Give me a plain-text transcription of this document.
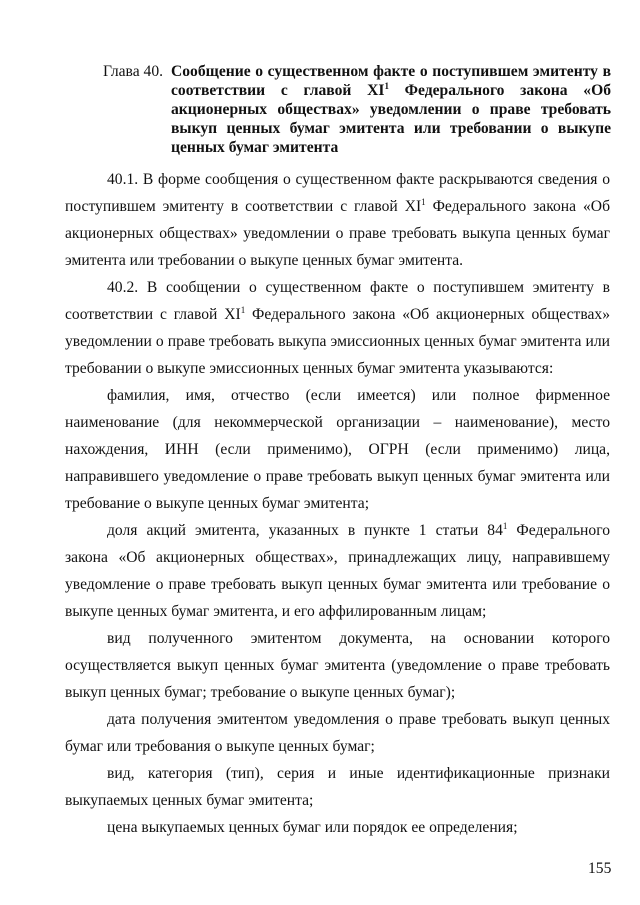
Глава 40. Сообщение о существенном факте о поступившем эмитенту в соответствии с главой $XI^1$ Федерального закона «Об акционерных обществах» уведомлении о праве требовать выкуп ценных бумаг эмитента или требовании о выкупе ценных бумаг эмитента

40.1. В форме сообщения о существенном факте раскрываются сведения о поступившем эмитенту в соответствии с главой $XI^1$ Федерального закона «Об акционерных обществах» уведомлении о праве требовать выкупа ценных бумаг эмитента или требовании о выкупе ценных бумаг эмитента.

40.2. В сообщении о существенном факте о поступившем эмитенту в соответствии с главой $XI^1$ Федерального закона «Об акционерных обществах» уведомлении о праве требовать выкупа эмиссионных ценных бумаг эмитента или требовании о выкупе эмиссионных ценных бумаг эмитента указываются:

фамилия, имя, отчество (если имеется) или полное фирменное наименование (для некоммерческой организации – наименование), место нахождения, ИНН (если применимо), ОГРН (если применимо) лица, направившего уведомление о праве требовать выкуп ценных бумаг эмитента или требование о выкупе ценных бумаг эмитента;

доля акций эмитента, указанных в пункте 1 статьи $84^1$ Федерального закона «Об акционерных обществах», принадлежащих лицу, направившему уведомление о праве требовать выкуп ценных бумаг эмитента или требование о выкупе ценных бумаг эмитента, и его аффилированным лицам;

вид полученного эмитентом документа, на основании которого осуществляется выкуп ценных бумаг эмитента (уведомление о праве требовать выкуп ценных бумаг; требование о выкупе ценных бумаг);

дата получения эмитентом уведомления о праве требовать выкуп ценных бумаг или требования о выкупе ценных бумаг;

вид, категория (тип), серия и иные идентификационные признаки выкупаемых ценных бумаг эмитента;

цена выкупаемых ценных бумаг или порядок ее определения;

155
